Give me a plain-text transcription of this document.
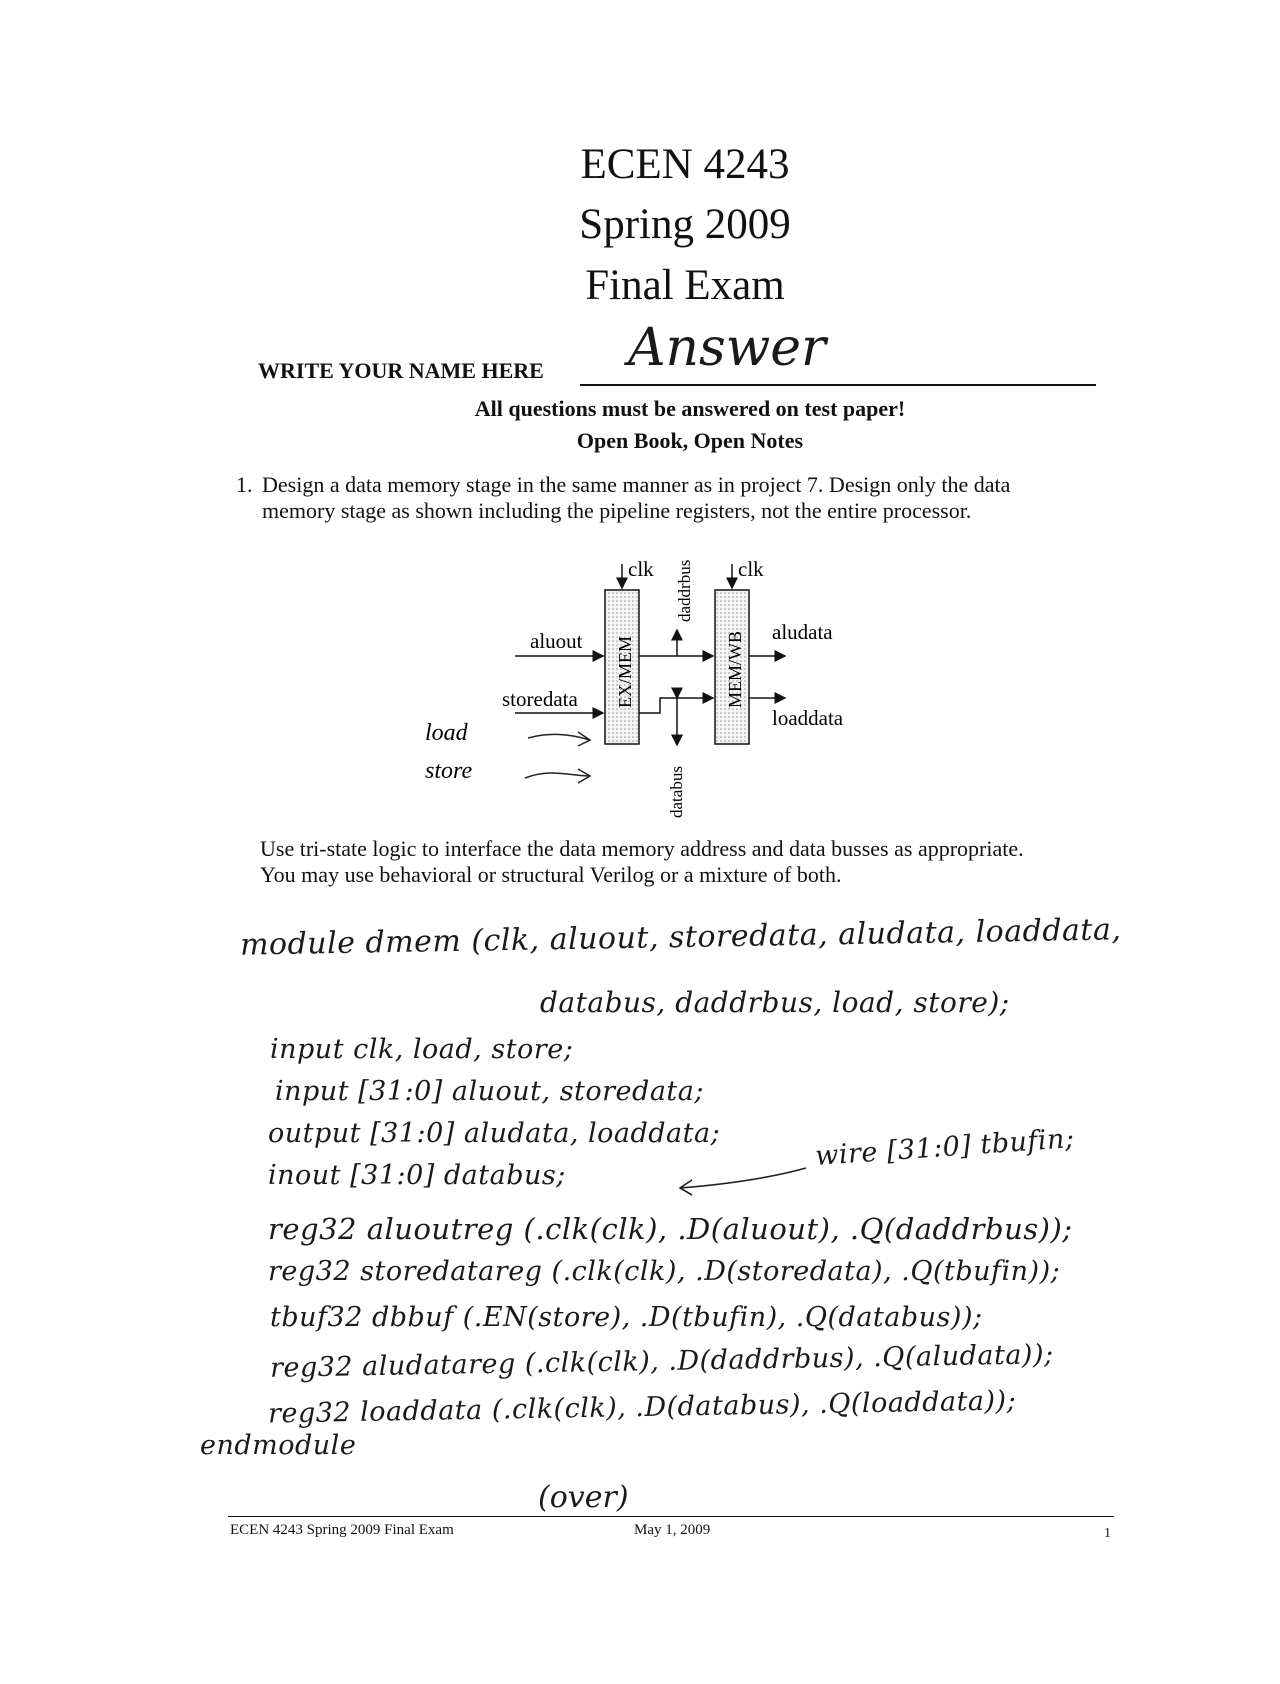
ECEN 4243
Spring 2009
Final Exam
WRITE YOUR NAME HERE Answer
All questions must be answered on test paper!
Open Book, Open Notes
1. Design a data memory stage in the same manner as in project 7. Design only the data
memory stage as shown including the pipeline registers, not the entire processor.
clk	clk
aluout
storedata
aludata
loaddata
daddrbus
databus
EX/MEM	MEM/WB
load
store
Use tri-state logic to interface the data memory address and data busses as appropriate.
You may use behavioral or structural Verilog or a mixture of both.
module dmem (clk, aluout, storedata, aludata, loaddata,
databus, daddrbus, load, store);
input clk, load, store;
input [31:0] aluout, storedata;
output [31:0] aludata, loaddata;
inout [31:0] databus;
wire [31:0] tbufin;
reg32 aluoutreg (.clk(clk), .D(aluout), .Q(daddrbus));
reg32 storedatareg (.clk(clk), .D(storedata), .Q(tbufin));
tbuf32 dbbuf (.EN(store), .D(tbufin), .Q(databus));
reg32 aludatareg (.clk(clk), .D(daddrbus), .Q(aludata));
reg32 loaddata (.clk(clk), .D(databus), .Q(loaddata));
endmodule
(over)
ECEN 4243 Spring 2009 Final Exam	May 1, 2009	1
